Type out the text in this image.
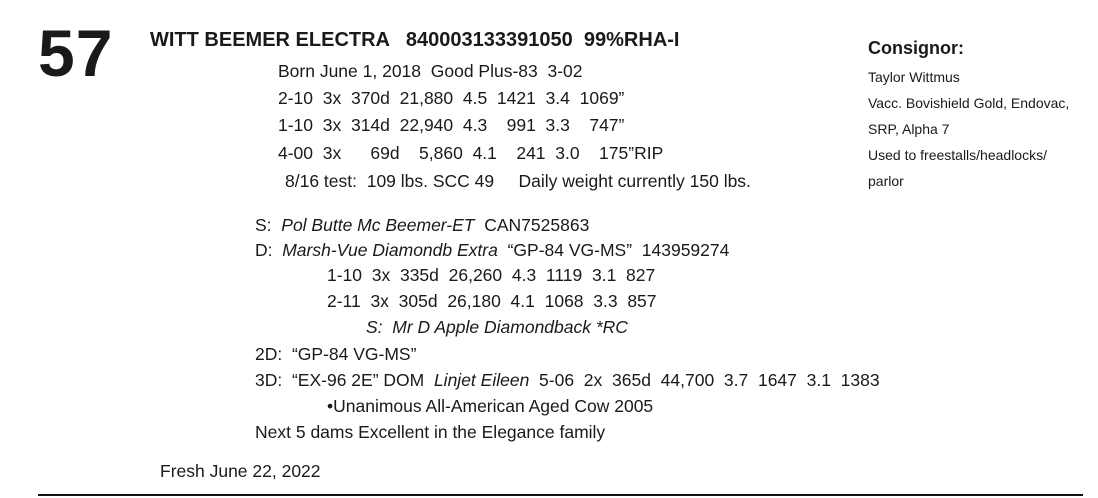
57 WITT BEEMER ELECTRA 840003133391050 99%RHA-I
Born June 1, 2018  Good Plus-83  3-02
2-10  3x  370d  21,880  4.5  1421  3.4  1069”
1-10  3x  314d  22,940  4.3    991  3.3    747”
4-00  3x      69d    5,860  4.1    241  3.0    175”RIP
8/16 test:  109 lbs. SCC 49     Daily weight currently 150 lbs.
Consignor:
Taylor Wittmus
Vacc. Bovishield Gold, Endovac,
SRP, Alpha 7
Used to freestalls/headlocks/
parlor
S: Pol Butte Mc Beemer-ET CAN7525863
D: Marsh-Vue Diamondb Extra “GP-84 VG-MS”  143959274
1-10  3x  335d  26,260  4.3  1119  3.1  827
2-11  3x  305d  26,180  4.1  1068  3.3  857
S:  Mr D Apple Diamondback *RC
2D:  “GP-84 VG-MS”
3D:  “EX-96 2E” DOM Linjet Eileen 5-06  2x  365d  44,700  3.7  1647  3.1  1383
•Unanimous All-American Aged Cow 2005
Next 5 dams Excellent in the Elegance family
Fresh June 22, 2022
